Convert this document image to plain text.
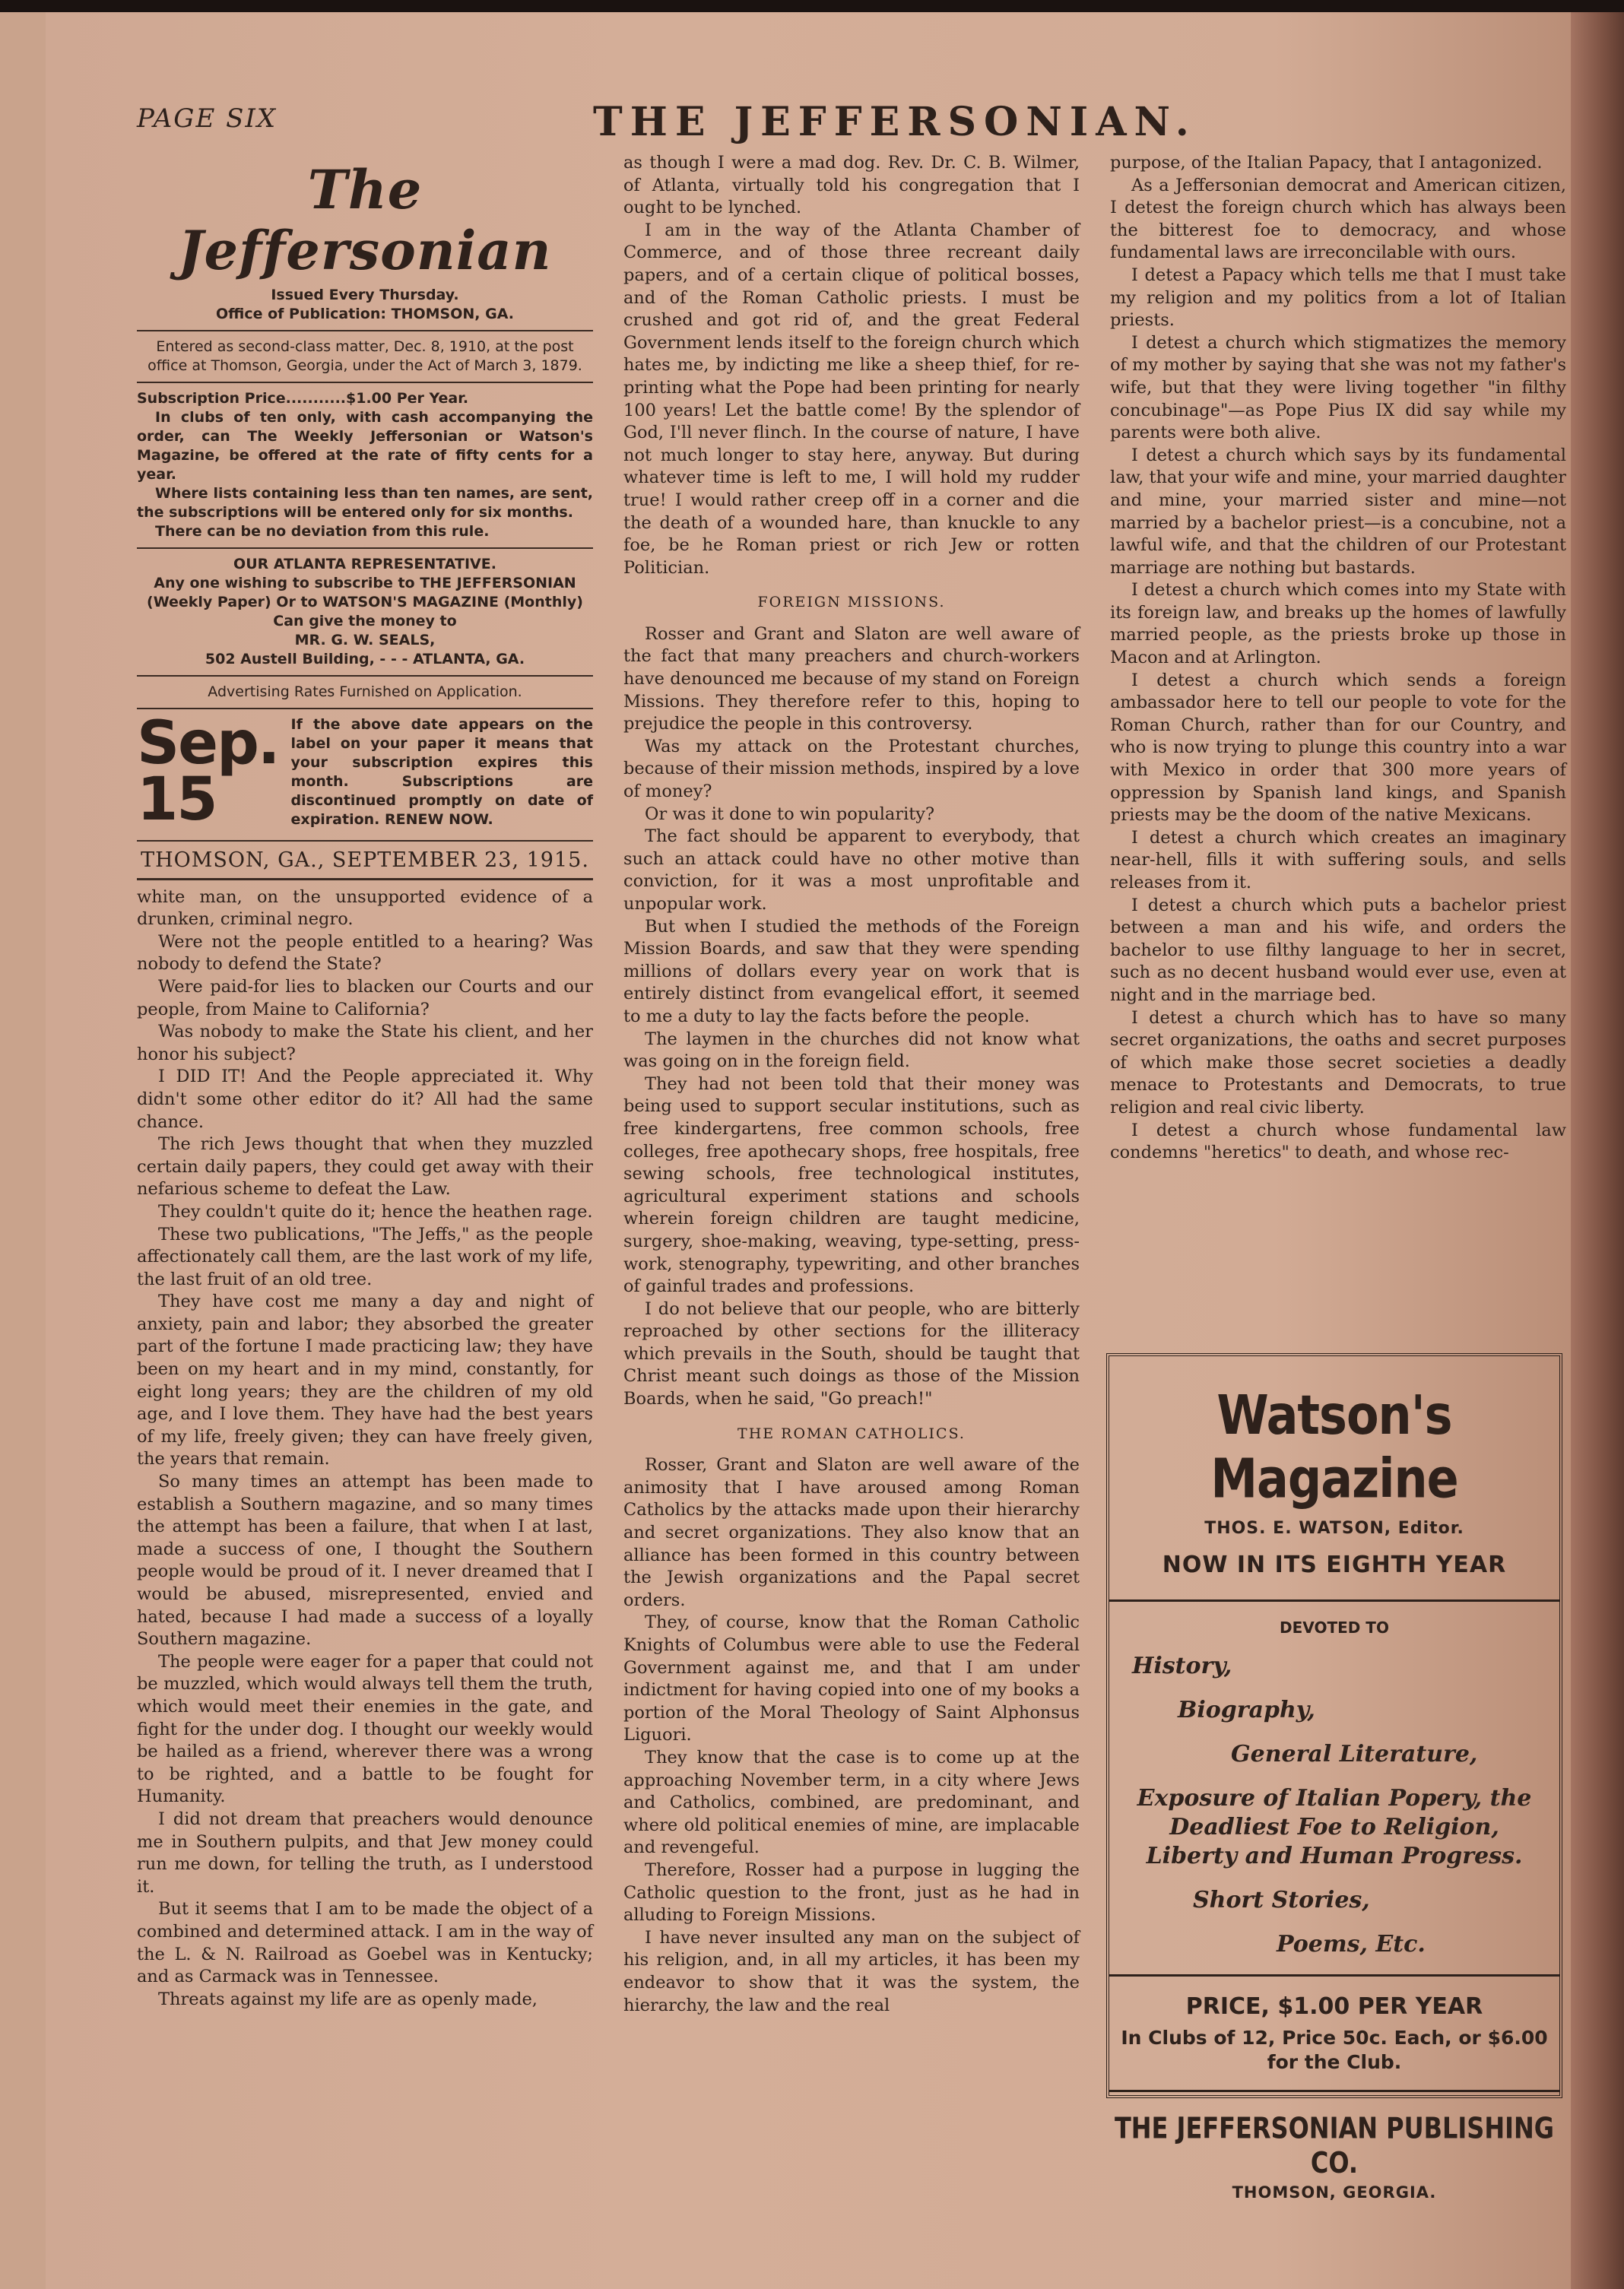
PAGE SIX	THE JEFFERSONIAN.
The Jeffersonian
Issued Every Thursday.
Office of Publication: THOMSON, GA.
Entered as second-class matter, Dec. 8, 1910, at the post office at Thomson, Georgia, under the Act of March 3, 1879.
Subscription Price...........$1.00 Per Year.
In clubs of ten only, with cash accompanying the order, can The Weekly Jeffersonian or Watson's Magazine, be offered at the rate of fifty cents for a year.
Where lists containing less than ten names, are sent, the subscriptions will be entered only for six months.
There can be no deviation from this rule.
OUR ATLANTA REPRESENTATIVE.
Any one wishing to subscribe to THE JEFFERSONIAN (Weekly Paper) Or to WATSON'S MAGAZINE (Monthly) Can give the money to
MR. G. W. SEALS,
502 Austell Building, - - - ATLANTA, GA.
Advertising Rates Furnished on Application.
Sep. 15
If the above date appears on the label on your paper it means that your subscription expires this month. Subscriptions are discontinued promptly on date of expiration. RENEW NOW.
THOMSON, GA., SEPTEMBER 23, 1915.

white man, on the unsupported evidence of a drunken, criminal negro.

Were not the people entitled to a hearing? Was nobody to defend the State?

Were paid-for lies to blacken our Courts and our people, from Maine to California?

Was nobody to make the State his client, and her honor his subject?

I DID IT! And the People appreciated it. Why didn't some other editor do it? All had the same chance.

The rich Jews thought that when they muzzled certain daily papers, they could get away with their nefarious scheme to defeat the Law.

They couldn't quite do it; hence the heathen rage.

These two publications, "The Jeffs," as the people affectionately call them, are the last work of my life, the last fruit of an old tree.

They have cost me many a day and night of anxiety, pain and labor; they absorbed the greater part of the fortune I made practicing law; they have been on my heart and in my mind, constantly, for eight long years; they are the children of my old age, and I love them. They have had the best years of my life, freely given; they can have freely given, the years that remain.

So many times an attempt has been made to establish a Southern magazine, and so many times the attempt has been a failure, that when I at last, made a success of one, I thought the Southern people would be proud of it. I never dreamed that I would be abused, misrepresented, envied and hated, because I had made a success of a loyally Southern magazine.

The people were eager for a paper that could not be muzzled, which would always tell them the truth, which would meet their enemies in the gate, and fight for the under dog. I thought our weekly would be hailed as a friend, wherever there was a wrong to be righted, and a battle to be fought for Humanity.

I did not dream that preachers would denounce me in Southern pulpits, and that Jew money could run me down, for telling the truth, as I understood it.

But it seems that I am to be made the object of a combined and determined attack. I am in the way of the L. & N. Railroad as Goebel was in Kentucky; and as Carmack was in Tennessee.

Threats against my life are as openly made,

as though I were a mad dog. Rev. Dr. C. B. Wilmer, of Atlanta, virtually told his congregation that I ought to be lynched.

I am in the way of the Atlanta Chamber of Commerce, and of those three recreant daily papers, and of a certain clique of political bosses, and of the Roman Catholic priests. I must be crushed and got rid of, and the great Federal Government lends itself to the foreign church which hates me, by indicting me like a sheep thief, for re-printing what the Pope had been printing for nearly 100 years! Let the battle come! By the splendor of God, I'll never flinch. In the course of nature, I have not much longer to stay here, anyway. But during whatever time is left to me, I will hold my rudder true! I would rather creep off in a corner and die the death of a wounded hare, than knuckle to any foe, be he Roman priest or rich Jew or rotten Politician.

FOREIGN MISSIONS.

Rosser and Grant and Slaton are well aware of the fact that many preachers and church-workers have denounced me because of my stand on Foreign Missions. They therefore refer to this, hoping to prejudice the people in this controversy.

Was my attack on the Protestant churches, because of their mission methods, inspired by a love of money?

Or was it done to win popularity?

The fact should be apparent to everybody, that such an attack could have no other motive than conviction, for it was a most unprofitable and unpopular work.

But when I studied the methods of the Foreign Mission Boards, and saw that they were spending millions of dollars every year on work that is entirely distinct from evangelical effort, it seemed to me a duty to lay the facts before the people.

The laymen in the churches did not know what was going on in the foreign field.

They had not been told that their money was being used to support secular institutions, such as free kindergartens, free common schools, free colleges, free apothecary shops, free hospitals, free sewing schools, free technological institutes, agricultural experiment stations and schools wherein foreign children are taught medicine, surgery, shoe-making, weaving, type-setting, press-work, stenography, typewriting, and other branches of gainful trades and professions.

I do not believe that our people, who are bitterly reproached by other sections for the illiteracy which prevails in the South, should be taught that Christ meant such doings as those of the Mission Boards, when he said, "Go preach!"

THE ROMAN CATHOLICS.

Rosser, Grant and Slaton are well aware of the animosity that I have aroused among Roman Catholics by the attacks made upon their hierarchy and secret organizations. They also know that an alliance has been formed in this country between the Jewish organizations and the Papal secret orders.

They, of course, know that the Roman Catholic Knights of Columbus were able to use the Federal Government against me, and that I am under indictment for having copied into one of my books a portion of the Moral Theology of Saint Alphonsus Liguori.

They know that the case is to come up at the approaching November term, in a city where Jews and Catholics, combined, are predominant, and where old political enemies of mine, are implacable and revengeful.

Therefore, Rosser had a purpose in lugging the Catholic question to the front, just as he had in alluding to Foreign Missions.

I have never insulted any man on the subject of his religion, and, in all my articles, it has been my endeavor to show that it was the system, the hierarchy, the law and the real

purpose, of the Italian Papacy, that I antagonized.

As a Jeffersonian democrat and American citizen, I detest the foreign church which has always been the bitterest foe to democracy, and whose fundamental laws are irreconcilable with ours.

I detest a Papacy which tells me that I must take my religion and my politics from a lot of Italian priests.

I detest a church which stigmatizes the memory of my mother by saying that she was not my father's wife, but that they were living together "in filthy concubinage"—as Pope Pius IX did say while my parents were both alive.

I detest a church which says by its fundamental law, that your wife and mine, your married daughter and mine, your married sister and mine—not married by a bachelor priest—is a concubine, not a lawful wife, and that the children of our Protestant marriage are nothing but bastards.

I detest a church which comes into my State with its foreign law, and breaks up the homes of lawfully married people, as the priests broke up those in Macon and at Arlington.

I detest a church which sends a foreign ambassador here to tell our people to vote for the Roman Church, rather than for our Country, and who is now trying to plunge this country into a war with Mexico in order that 300 more years of oppression by Spanish land kings, and Spanish priests may be the doom of the native Mexicans.

I detest a church which creates an imaginary near-hell, fills it with suffering souls, and sells releases from it.

I detest a church which puts a bachelor priest between a man and his wife, and orders the bachelor to use filthy language to her in secret, such as no decent husband would ever use, even at night and in the marriage bed.

I detest a church which has to have so many secret organizations, the oaths and secret purposes of which make those secret societies a deadly menace to Protestants and Democrats, to true religion and real civic liberty.

I detest a church whose fundamental law condemns "heretics" to death, and whose rec-

Watson's Magazine
THOS. E. WATSON, Editor.
NOW IN ITS EIGHTH YEAR
DEVOTED TO
History,
Biography,
General Literature,
Exposure of Italian Popery, the Deadliest Foe to Religion, Liberty and Human Progress.
Short Stories,
Poems, Etc.
PRICE, $1.00 PER YEAR
In Clubs of 12, Price 50c. Each, or $6.00 for the Club.
THE JEFFERSONIAN PUBLISHING CO.
THOMSON, GEORGIA.
